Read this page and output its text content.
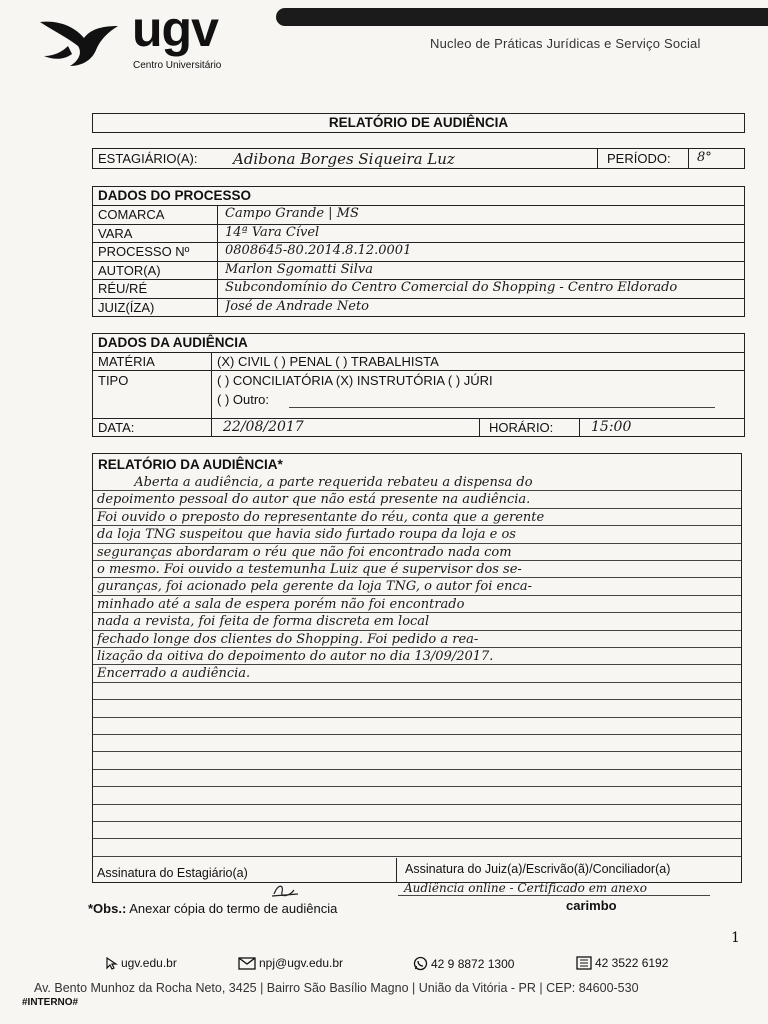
ugv
Centro Universitário
Nucleo de Práticas Jurídicas e Serviço Social
RELATÓRIO DE AUDIÊNCIA
ESTAGIÁRIO(A): Adibona Borges Siqueira Luz	PERÍODO: 8°
DADOS DO PROCESSO
COMARCA	Campo Grande | MS
VARA	14ª Vara Cível
PROCESSO Nº	0808645-80.2014.8.12.0001
AUTOR(A)	Marlon Sgomatti Silva
RÉU/RÉ	Subcondomínio do Centro Comercial do Shopping - Centro Eldorado
JUIZ(ÍZA)	José de Andrade Neto
DADOS DA AUDIÊNCIA
MATÉRIA	(X) CIVIL ( ) PENAL ( ) TRABALHISTA
TIPO	( ) CONCILIATÓRIA (X) INSTRUTÓRIA ( ) JÚRI
( ) Outro:
DATA:	22/08/2017	HORÁRIO:	15:00
RELATÓRIO DA AUDIÊNCIA*
Aberta a audiência, a parte requerida rebateu a dispensa do
depoimento pessoal do autor que não está presente na audiência.
Foi ouvido o preposto do representante do réu, conta que a gerente
da loja TNG suspeitou que havia sido furtado roupa da loja e os
seguranças abordaram o réu que não foi encontrado nada com
o mesmo. Foi ouvido a testemunha Luiz que é supervisor dos se-
guranças, foi acionado pela gerente da loja TNG, o autor foi enca-
minhado até a sala de espera porém não foi encontrado
nada a revista, foi feita de forma discreta em local
fechado longe dos clientes do Shopping. Foi pedido a rea-
lização da oitiva do depoimento do autor no dia 13/09/2017.
Encerrado a audiência.
Assinatura do Estagiário(a)	Assinatura do Juiz(a)/Escrivão(ã)/Conciliador(a)
Audiência online - Certificado em anexo
*Obs.: Anexar cópia do termo de audiência	carimbo
1
ugv.edu.br	npj@ugv.edu.br	42 9 8872 1300	42 3522 6192
Av. Bento Munhoz da Rocha Neto, 3425 | Bairro São Basílio Magno | União da Vitória - PR | CEP: 84600-530
#INTERNO#
